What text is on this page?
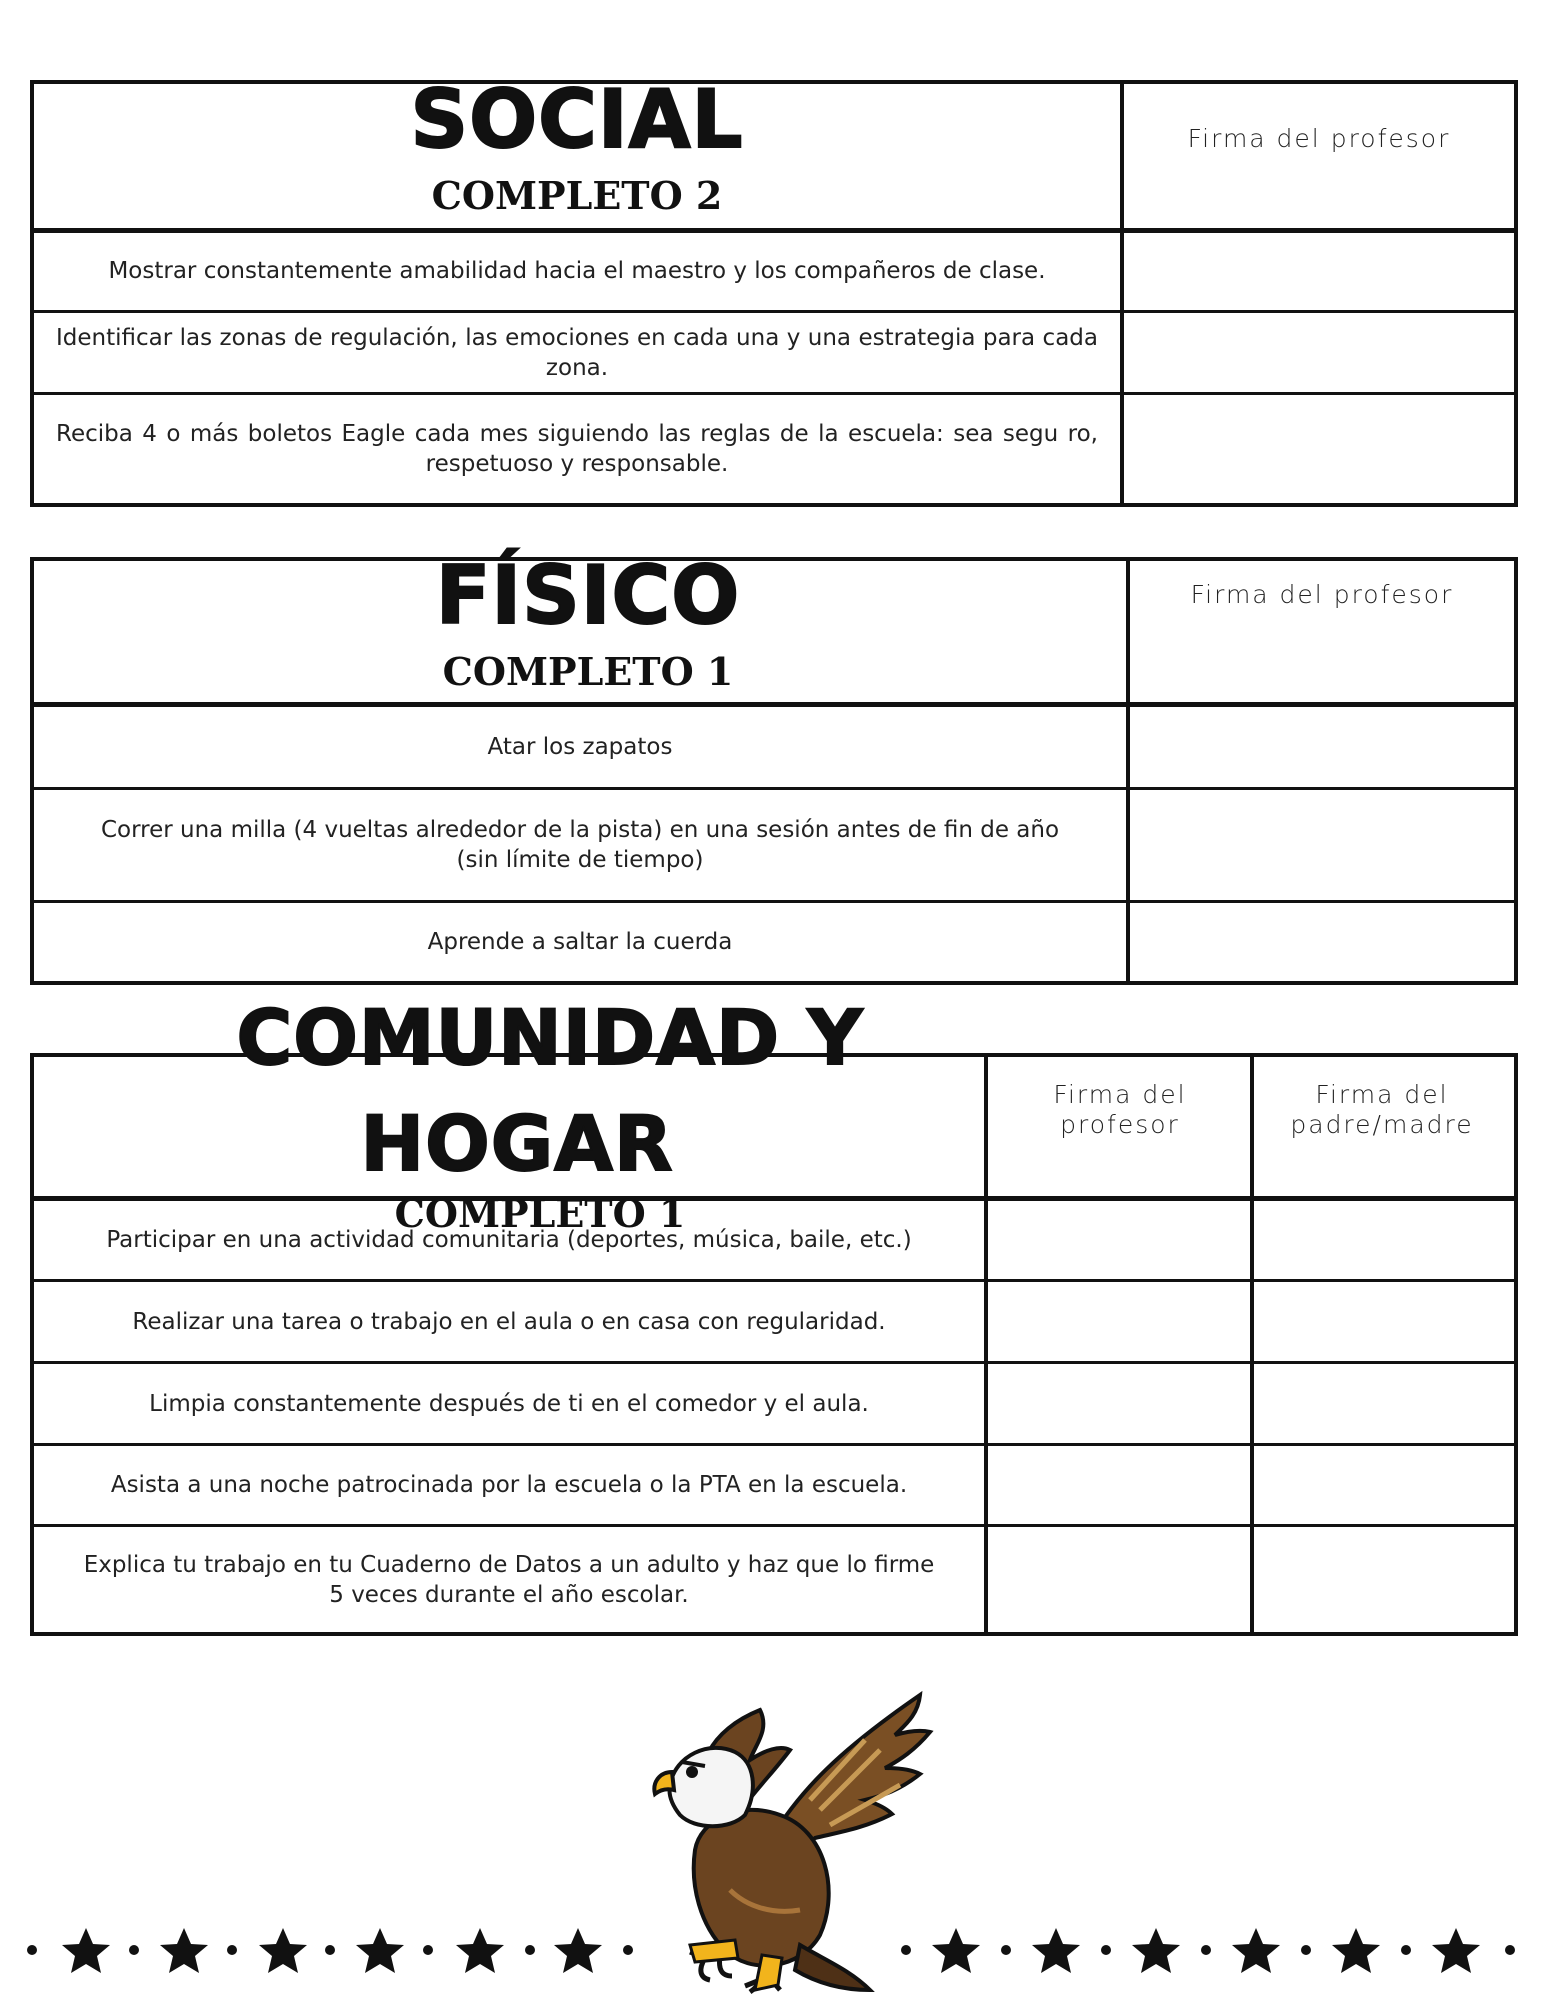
SOCIAL
COMPLETO 2
Firma del profesor
Mostrar constantemente amabilidad hacia el maestro y los compañeros de clase.
Identificar las zonas de regulación, las emociones en cada una y una estrategia para cada zona.
Reciba 4 o más boletos Eagle cada mes siguiendo las reglas de la escuela: sea segu ro, respetuoso y responsable.
FÍSICO
COMPLETO 1
Firma del profesor
Atar los zapatos
Correr una milla (4 vueltas alrededor de la pista) en una sesión antes de fin de año (sin límite de tiempo)
Aprende a saltar la cuerda
COMUNIDAD Y
HOGAR
COMPLETO 1
Firma del profesor
Firma del padre/madre
Participar en una actividad comunitaria (deportes, música, baile, etc.)
Realizar una tarea o trabajo en el aula o en casa con regularidad.
Limpia constantemente después de ti en el comedor y el aula.
Asista a una noche patrocinada por la escuela o la PTA en la escuela.
Explica tu trabajo en tu Cuaderno de Datos a un adulto y haz que lo firme 5 veces durante el año escolar.
